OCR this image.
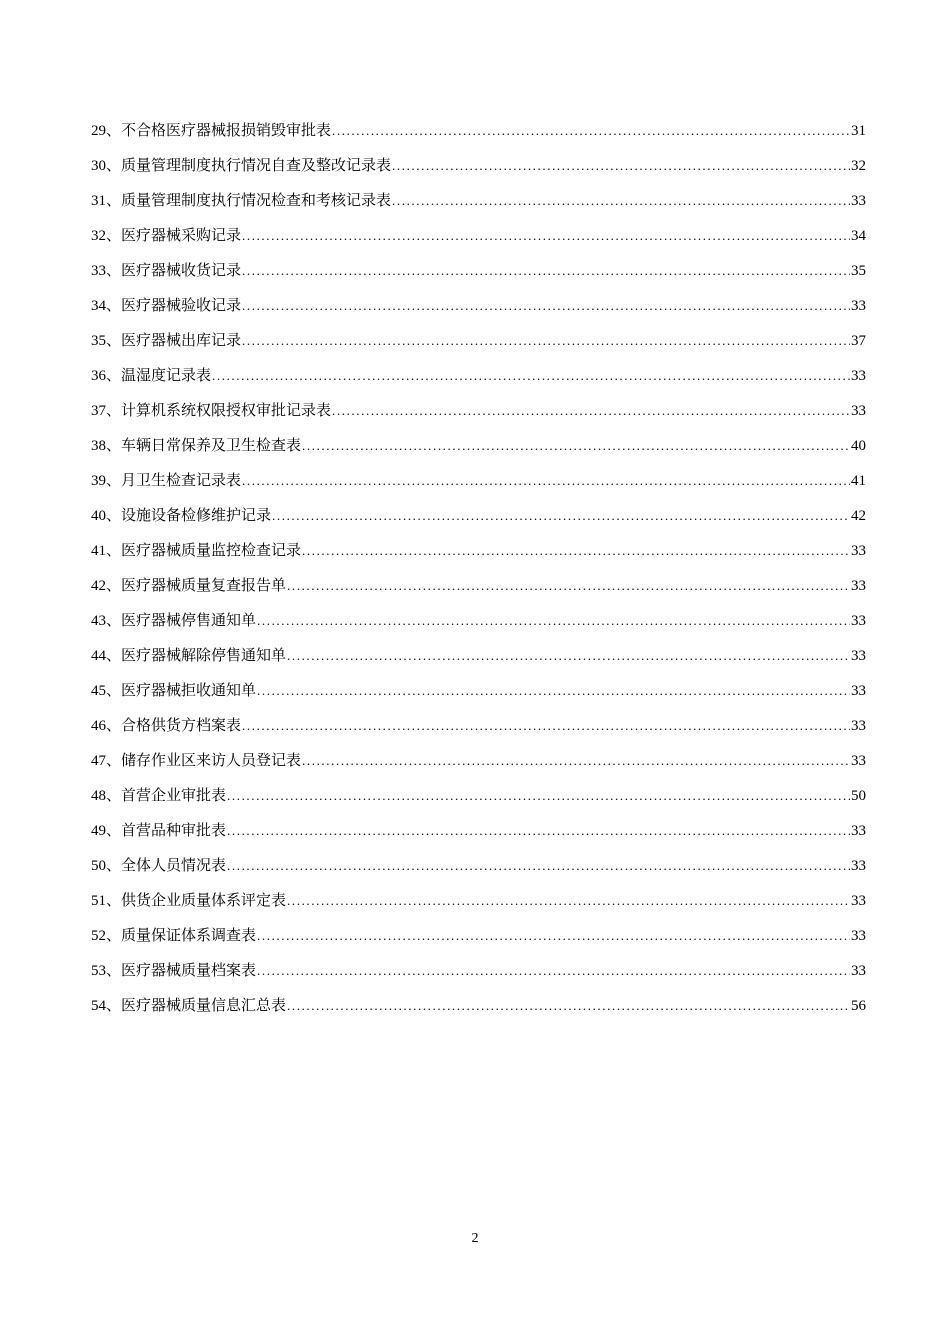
29、 不合格医疗器械报损销毁审批表 .....	31
30、 质量管理制度执行情况自查及整改记录表 .....	32
31、 质量管理制度执行情况检查和考核记录表 .....	33
32、 医疗器械采购记录 .....	34
33、 医疗器械收货记录 .....	35
34、 医疗器械验收记录 .....	33
35、 医疗器械出库记录 .....	37
36、 温湿度记录表 .....	33
37、 计算机系统权限授权审批记录表 .....	33
38、 车辆日常保养及卫生检查表 .....	40
39、 月卫生检查记录表 .....	41
40、 设施设备检修维护记录 .....	42
41、 医疗器械质量监控检查记录 .....	33
42、 医疗器械质量复查报告单 .....	33
43、 医疗器械停售通知单 .....	33
44、 医疗器械解除停售通知单 .....	33
45、 医疗器械拒收通知单 .....	33
46、 合格供货方档案表 .....	33
47、 储存作业区来访人员登记表 .....	33
48、 首营企业审批表 .....	50
49、 首营品种审批表 .....	33
50、 全体人员情况表 .....	33
51、 供货企业质量体系评定表 .....	33
52、 质量保证体系调查表 .....	33
53、 医疗器械质量档案表 .....	33
54、 医疗器械质量信息汇总表 .....	56
2
